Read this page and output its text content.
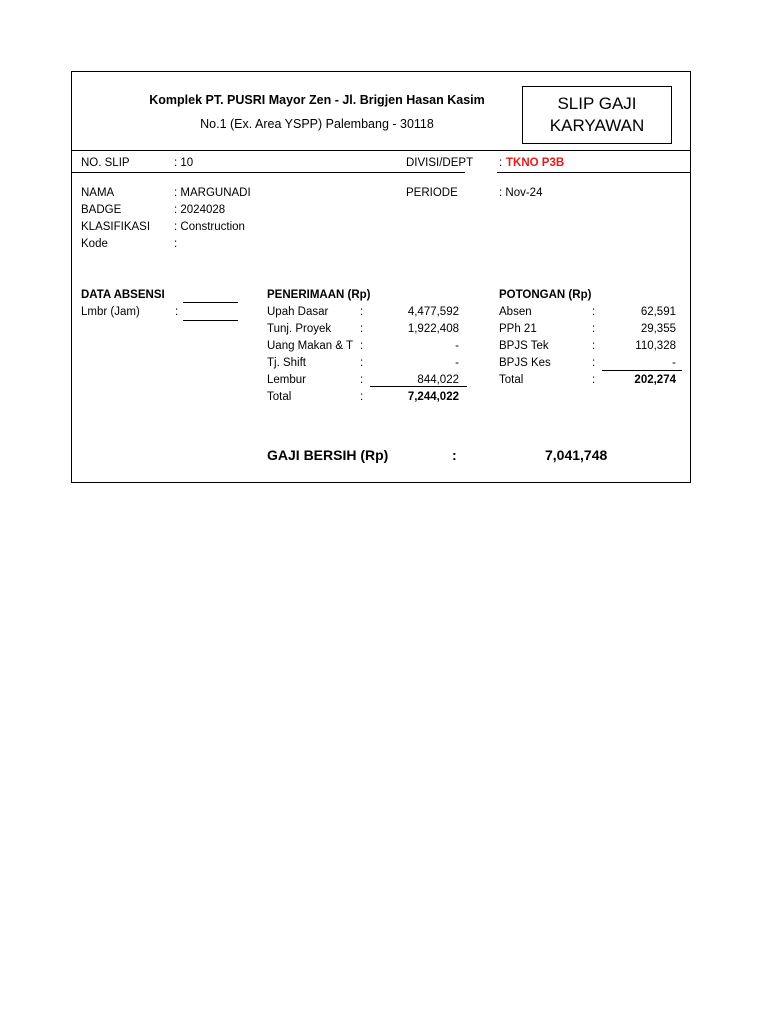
Komplek PT. PUSRI Mayor Zen - Jl. Brigjen Hasan Kasim
No.1 (Ex. Area YSPP) Palembang - 30118
SLIP GAJI
KARYAWAN
NO. SLIP	: 10	DIVISI/DEPT : TKNO P3B
NAMA	: MARGUNADI
BADGE	: 2024028
KLASIFIKASI : Construction
Kode	:
PERIODE	: Nov-24
DATA ABSENSI
Lmbr (Jam)	:
PENERIMAAN (Rp)
Upah Dasar	:	4,477,592
Tunj. Proyek	:	1,922,408
Uang Makan & T :	-
Tj. Shift	:	-
Lembur	:	844,022
Total	:	7,244,022
POTONGAN (Rp)
Absen	:	62,591
PPh 21	:	29,355
BPJS Tek	:	110,328
BPJS Kes	:	-
Total	:	202,274
GAJI BERSIH (Rp)	:	7,041,748
